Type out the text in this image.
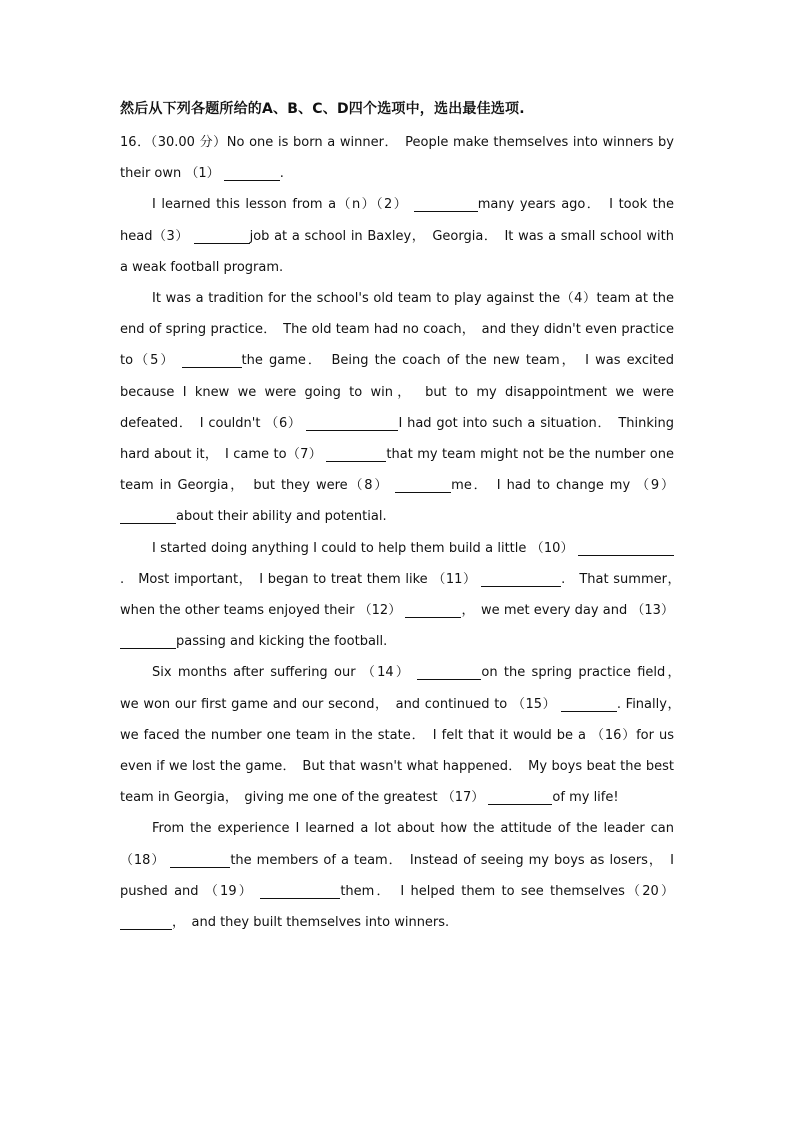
然后从下列各题所给的A、B、C、D四个选项中，选出最佳选项.

16．（30.00 分）No one is born a winner．　People make themselves into winners by their own （1）	.

I learned this lesson from a（n）（2）	many years ago．　I took the head（3）	job at a school in Baxley，　Georgia．　It was a small school with a weak football program.

It was a tradition for the school's old team to play against the（4）team at the end of spring practice．　The old team had no coach，　and they didn't even practice to（5）	the game．　Being the coach of the new team，　I was excited because I knew we were going to win，　but to my disappointment we were defeated．　I couldn't （6）	I had got into such a situation．　Thinking hard about it，　I came to（7）	that my team might not be the number one team in Georgia，　but they were（8）	me．　I had to change my （9） about their ability and potential.

I started doing anything I could to help them build a little （10） .　Most important，　I began to treat them like （11）	.　That summer，　when the other teams enjoyed their （12）	，　we met every day and （13） passing and kicking the football.

Six months after suffering our （14）	on the spring practice field，　we won our first game and our second，　and continued to （15）	. Finally，　we faced the number one team in the state．　I felt that it would be a （16）for us even if we lost the game．　But that wasn't what happened．　My boys beat the best team in Georgia，　giving me one of the greatest （17）	of my life!

From the experience I learned a lot about how the attitude of the leader can（18）	the members of a team．　Instead of seeing my boys as losers，　I pushed and （19）	them．　I helped them to see themselves（20） ，　and they built themselves into winners.
